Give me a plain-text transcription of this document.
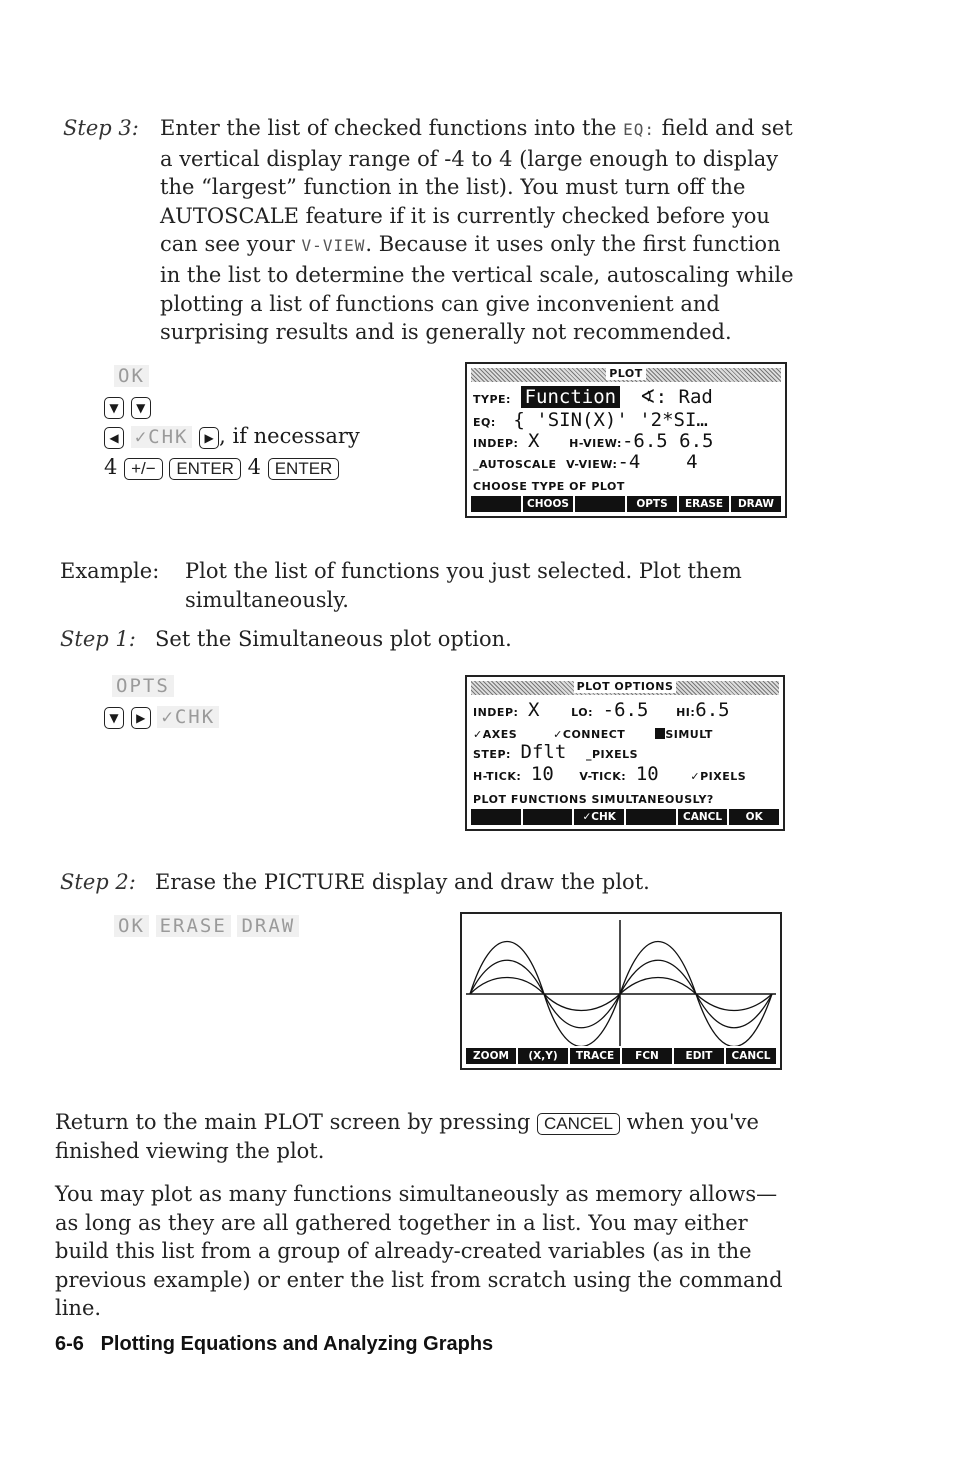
Step 3: Enter the list of checked functions into the EQ: field and set a vertical display range of -4 to 4 (large enough to display the “largest” function in the list). You must turn off the AUTOSCALE feature if it is currently checked before you can see your V-VIEW. Because it uses only the first function in the list to determine the vertical scale, autoscaling while plotting a list of functions can give inconvenient and surprising results and is generally not recommended.
OK
▼ ▼
◀ ✓CHK ▶ , if necessary
4 +/− ENTER 4 ENTER
PLOT
TYPE: Function ∢: Rad
EQ: { 'SIN(X)' '2*SI…
INDEP: X	H-VIEW:-6.5 6.5
_AUTOSCALE V-VIEW:-4    4
CHOOSE TYPE OF PLOT
CHOOS	OPTS	ERASE	DRAW
Example: Plot the list of functions you just selected. Plot them simultaneously.
Step 1: Set the Simultaneous plot option.
OPTS
▼ ▶ ✓CHK
PLOT OPTIONS
INDEP: X	LO: -6.5	HI:6.5
✓AXES	✓CONNECT	SIMULT
STEP: Dflt _PIXELS
H-TICK: 10 V-TICK: 10	✓PIXELS
PLOT FUNCTIONS SIMULTANEOUSLY?
✓CHK	CANCL	OK
Step 2: Erase the PICTURE display and draw the plot.
OK ERASE DRAW
ZOOM	(X,Y)	TRACE	FCN	EDIT	CANCL
Return to the main PLOT screen by pressing CANCEL when you've finished viewing the plot.
You may plot as many functions simultaneously as memory allows—as long as they are all gathered together in a list. You may either build this list from a group of already-created variables (as in the previous example) or enter the list from scratch using the command line.
6-6   Plotting Equations and Analyzing Graphs
